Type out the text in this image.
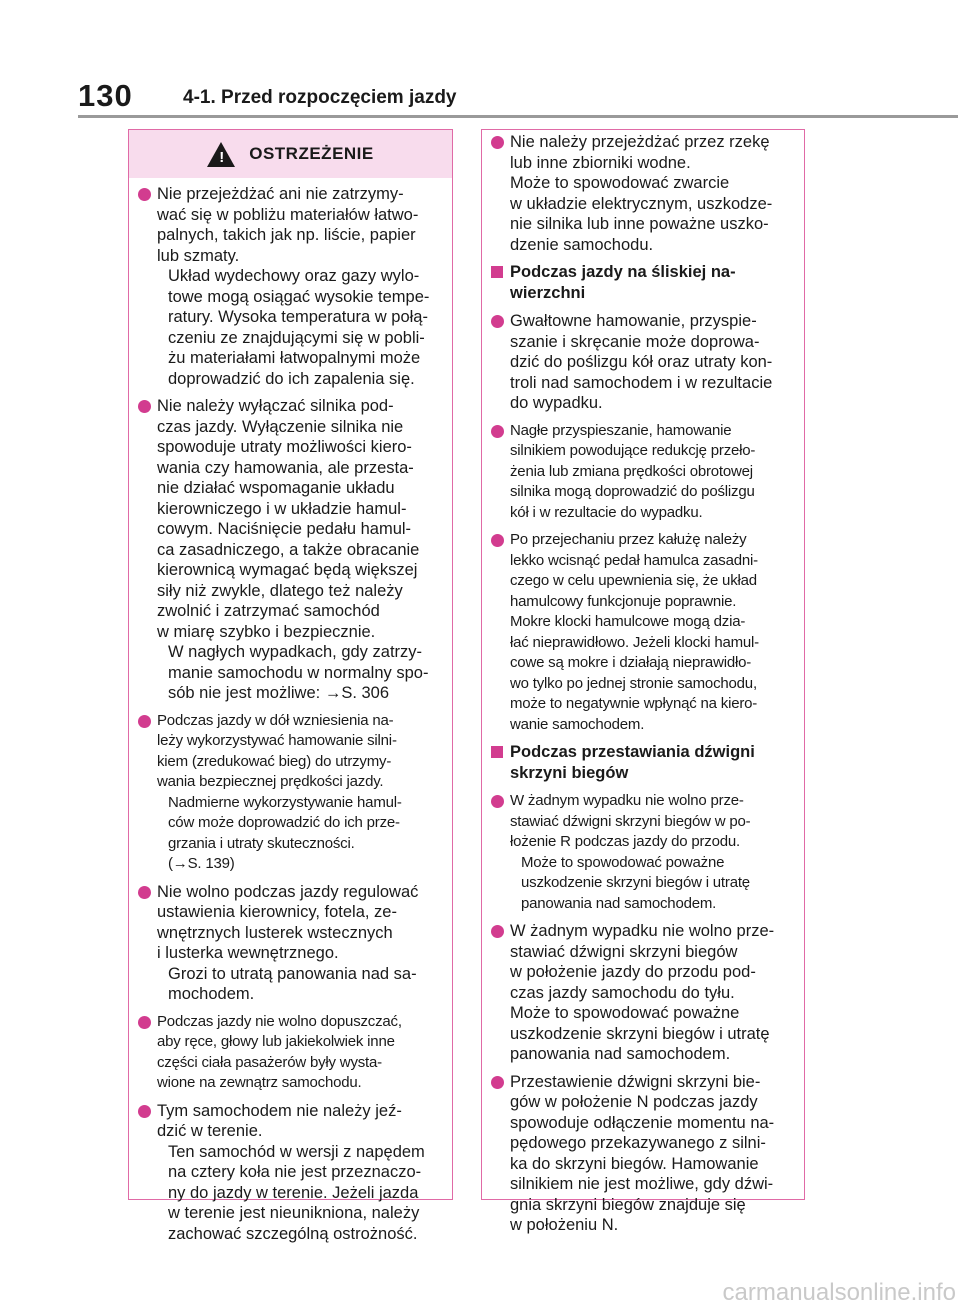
130	4-1. Przed rozpoczęciem jazdy
! OSTRZEŻENIE
Nie przejeżdżać ani nie zatrzymy-
wać się w pobliżu materiałów łatwo-
palnych, takich jak np. liście, papier
lub szmaty.
Układ wydechowy oraz gazy wylo-
towe mogą osiągać wysokie tempe-
ratury. Wysoka temperatura w połą-
czeniu ze znajdującymi się w pobli-
żu materiałami łatwopalnymi może
doprowadzić do ich zapalenia się.
Nie należy wyłączać silnika pod-
czas jazdy. Wyłączenie silnika nie
spowoduje utraty możliwości kiero-
wania czy hamowania, ale przesta-
nie działać wspomaganie układu
kierowniczego i w układzie hamul-
cowym. Naciśnięcie pedału hamul-
ca zasadniczego, a także obracanie
kierownicą wymagać będą większej
siły niż zwykle, dlatego też należy
zwolnić i zatrzymać samochód
w miarę szybko i bezpiecznie.
W nagłych wypadkach, gdy zatrzy-
manie samochodu w normalny spo-
sób nie jest możliwe: →S. 306
Podczas jazdy w dół wzniesienia na-
leży wykorzystywać hamowanie silni-
kiem (zredukować bieg) do utrzymy-
wania bezpiecznej prędkości jazdy.
Nadmierne wykorzystywanie hamul-
ców może doprowadzić do ich prze-
grzania i utraty skuteczności.
(→S. 139)
Nie wolno podczas jazdy regulować
ustawienia kierownicy, fotela, ze-
wnętrznych lusterek wstecznych
i lusterka wewnętrznego.
Grozi to utratą panowania nad sa-
mochodem.
Podczas jazdy nie wolno dopuszczać,
aby ręce, głowy lub jakiekolwiek inne
części ciała pasażerów były wysta-
wione na zewnątrz samochodu.
Tym samochodem nie należy jeź-
dzić w terenie.
Ten samochód w wersji z napędem
na cztery koła nie jest przeznaczo-
ny do jazdy w terenie. Jeżeli jazda
w terenie jest nieunikniona, należy
zachować szczególną ostrożność.
Nie należy przejeżdżać przez rzekę
lub inne zbiorniki wodne.
Może to spowodować zwarcie
w układzie elektrycznym, uszkodze-
nie silnika lub inne poważne uszko-
dzenie samochodu.
Podczas jazdy na śliskiej na-
wierzchni
Gwałtowne hamowanie, przyspie-
szanie i skręcanie może doprowa-
dzić do poślizgu kół oraz utraty kon-
troli nad samochodem i w rezultacie
do wypadku.
Nagłe przyspieszanie, hamowanie
silnikiem powodujące redukcję przeło-
żenia lub zmiana prędkości obrotowej
silnika mogą doprowadzić do poślizgu
kół i w rezultacie do wypadku.
Po przejechaniu przez kałużę należy
lekko wcisnąć pedał hamulca zasadni-
czego w celu upewnienia się, że układ
hamulcowy funkcjonuje poprawnie.
Mokre klocki hamulcowe mogą dzia-
łać nieprawidłowo. Jeżeli klocki hamul-
cowe są mokre i działają nieprawidło-
wo tylko po jednej stronie samochodu,
może to negatywnie wpłynąć na kiero-
wanie samochodem.
Podczas przestawiania dźwigni
skrzyni biegów
W żadnym wypadku nie wolno prze-
stawiać dźwigni skrzyni biegów w po-
łożenie R podczas jazdy do przodu.
Może to spowodować poważne
uszkodzenie skrzyni biegów i utratę
panowania nad samochodem.
W żadnym wypadku nie wolno prze-
stawiać dźwigni skrzyni biegów
w położenie jazdy do przodu pod-
czas jazdy samochodu do tyłu.
Może to spowodować poważne
uszkodzenie skrzyni biegów i utratę
panowania nad samochodem.
Przestawienie dźwigni skrzyni bie-
gów w położenie N podczas jazdy
spowoduje odłączenie momentu na-
pędowego przekazywanego z silni-
ka do skrzyni biegów. Hamowanie
silnikiem nie jest możliwe, gdy dźwi-
gnia skrzyni biegów znajduje się
w położeniu N.
carmanualsonline.info
